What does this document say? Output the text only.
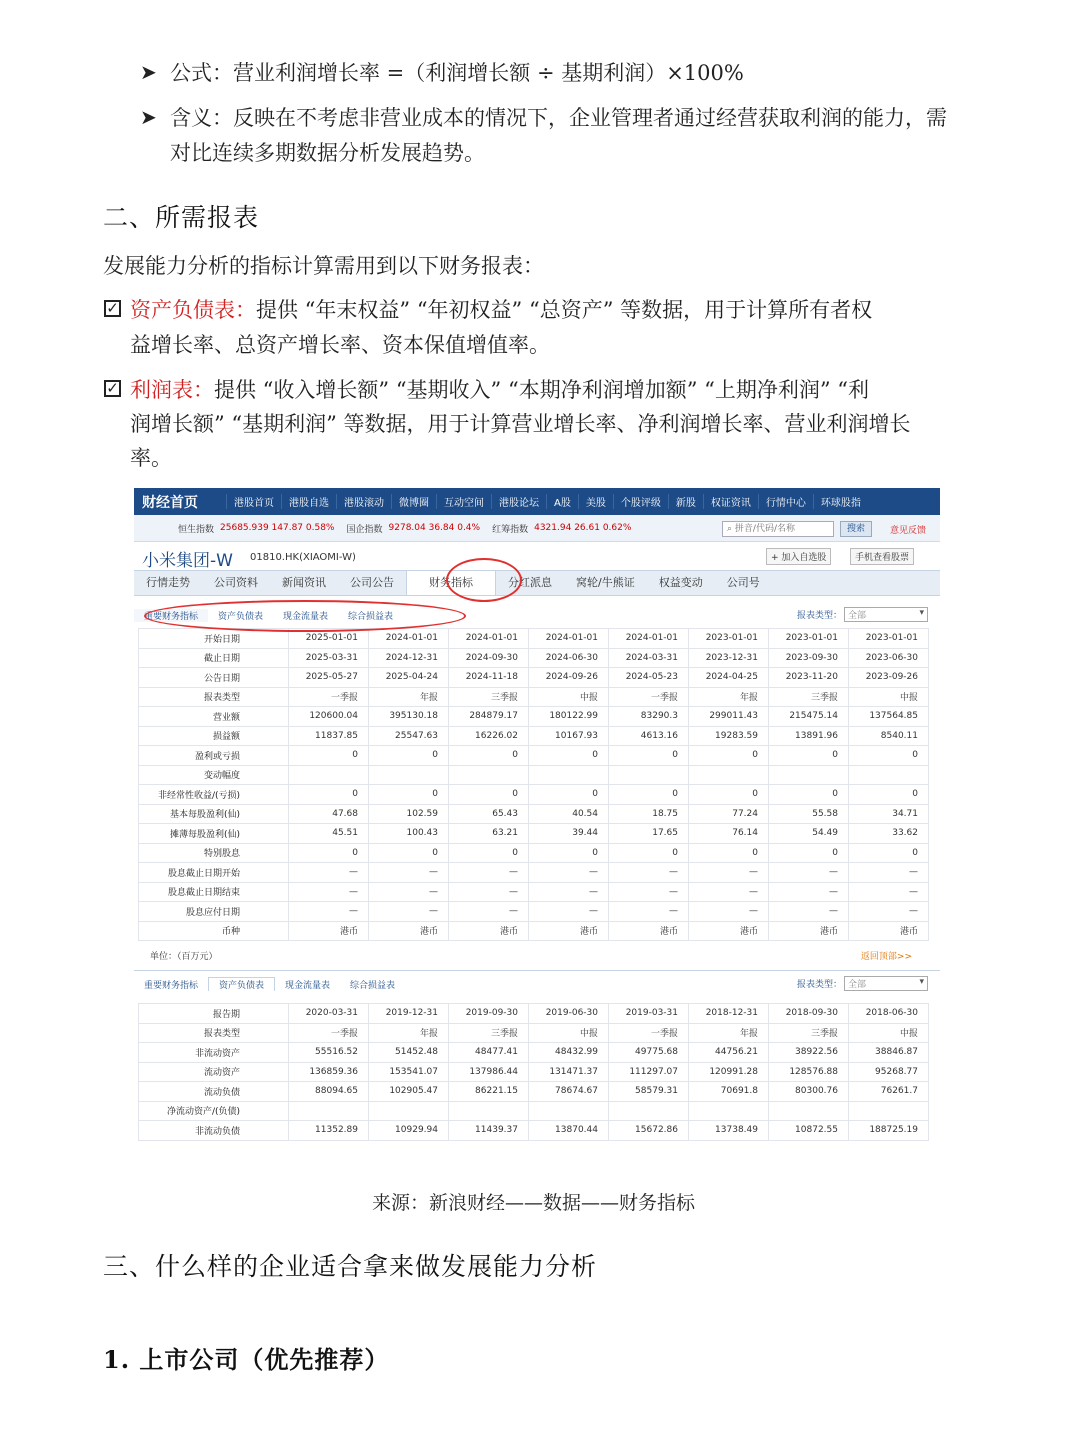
➤ 公式：营业利润增长率 =（利润增长额 ÷ 基期利润）×100%
➤ 含义：反映在不考虑非营业成本的情况下，企业管理者通过经营获取利润的能力，需
对比连续多期数据分析发展趋势。
二、所需报表
发展能力分析的指标计算需用到以下财务报表：
✓ 资产负债表：提供 “年末权益” “年初权益” “总资产” 等数据，用于计算所有者权
益增长率、总资产增长率、资本保值增值率。
✓ 利润表：提供 “收入增长额” “基期收入” “本期净利润增加额” “上期净利润” “利
润增长额” “基期利润” 等数据，用于计算营业增长率、净利润增长率、营业利润增长
率。
财经首页	港股首页	港股自选	港股滚动	微博圈	互动空间	港股论坛	A股	美股	个股评级	新股	权证资讯	行情中心	环球股指
恒生指数 25685.939 147.87 0.58% 国企指数 9278.04 36.84 0.4% 红筹指数 4321.94 26.61 0.62%	⌕ 拼音/代码/名称	搜索	意见反馈
小米集团-W 01810.HK(XIAOMI-W)	+ 加入自选股	手机查看股票
行情走势	公司资料	新闻资讯	公司公告	财务指标	分红派息	窝轮/牛熊证	权益变动	公司号
重要财务指标	资产负债表	现金流量表	综合损益表	报表类型： 全部 ▾
开始日期	2025-01-01	2024-01-01	2024-01-01	2024-01-01	2024-01-01	2023-01-01	2023-01-01	2023-01-01
截止日期	2025-03-31	2024-12-31	2024-09-30	2024-06-30	2024-03-31	2023-12-31	2023-09-30	2023-06-30
公告日期	2025-05-27	2025-04-24	2024-11-18	2024-09-26	2024-05-23	2024-04-25	2023-11-20	2023-09-26
报表类型	一季报	年报	三季报	中报	一季报	年报	三季报	中报
营业额	120600.04	395130.18	284879.17	180122.99	83290.3	299011.43	215475.14	137564.85
损益额	11837.85	25547.63	16226.02	10167.93	4613.16	19283.59	13891.96	8540.11
盈利或亏损	0	0	0	0	0	0	0	0
变动幅度								
非经常性收益/(亏损)	0	0	0	0	0	0	0	0
基本每股盈利(仙)	47.68	102.59	65.43	40.54	18.75	77.24	55.58	34.71
摊薄每股盈利(仙)	45.51	100.43	63.21	39.44	17.65	76.14	54.49	33.62
特别股息	0	0	0	0	0	0	0	0
股息截止日期开始	—	—	—	—	—	—	—	—
股息截止日期结束	—	—	—	—	—	—	—	—
股息应付日期	—	—	—	—	—	—	—	—
币种	港币	港币	港币	港币	港币	港币	港币	港币
单位：（百万元）	返回顶部>>
重要财务指标	资产负债表	现金流量表	综合损益表	报表类型： 全部 ▾
报告期	2020-03-31	2019-12-31	2019-09-30	2019-06-30	2019-03-31	2018-12-31	2018-09-30	2018-06-30
报表类型	一季报	年报	三季报	中报	一季报	年报	三季报	中报
非流动资产	55516.52	51452.48	48477.41	48432.99	49775.68	44756.21	38922.56	38846.87
流动资产	136859.36	153541.07	137986.44	131471.37	111297.07	120991.28	128576.88	95268.77
流动负债	88094.65	102905.47	86221.15	78674.67	58579.31	70691.8	80300.76	76261.7
净流动资产/(负债)								
非流动负债	11352.89	10929.94	11439.37	13870.44	15672.86	13738.49	10872.55	188725.19
来源：新浪财经——数据——财务指标
三、什么样的企业适合拿来做发展能力分析
1. 上市公司（优先推荐）
